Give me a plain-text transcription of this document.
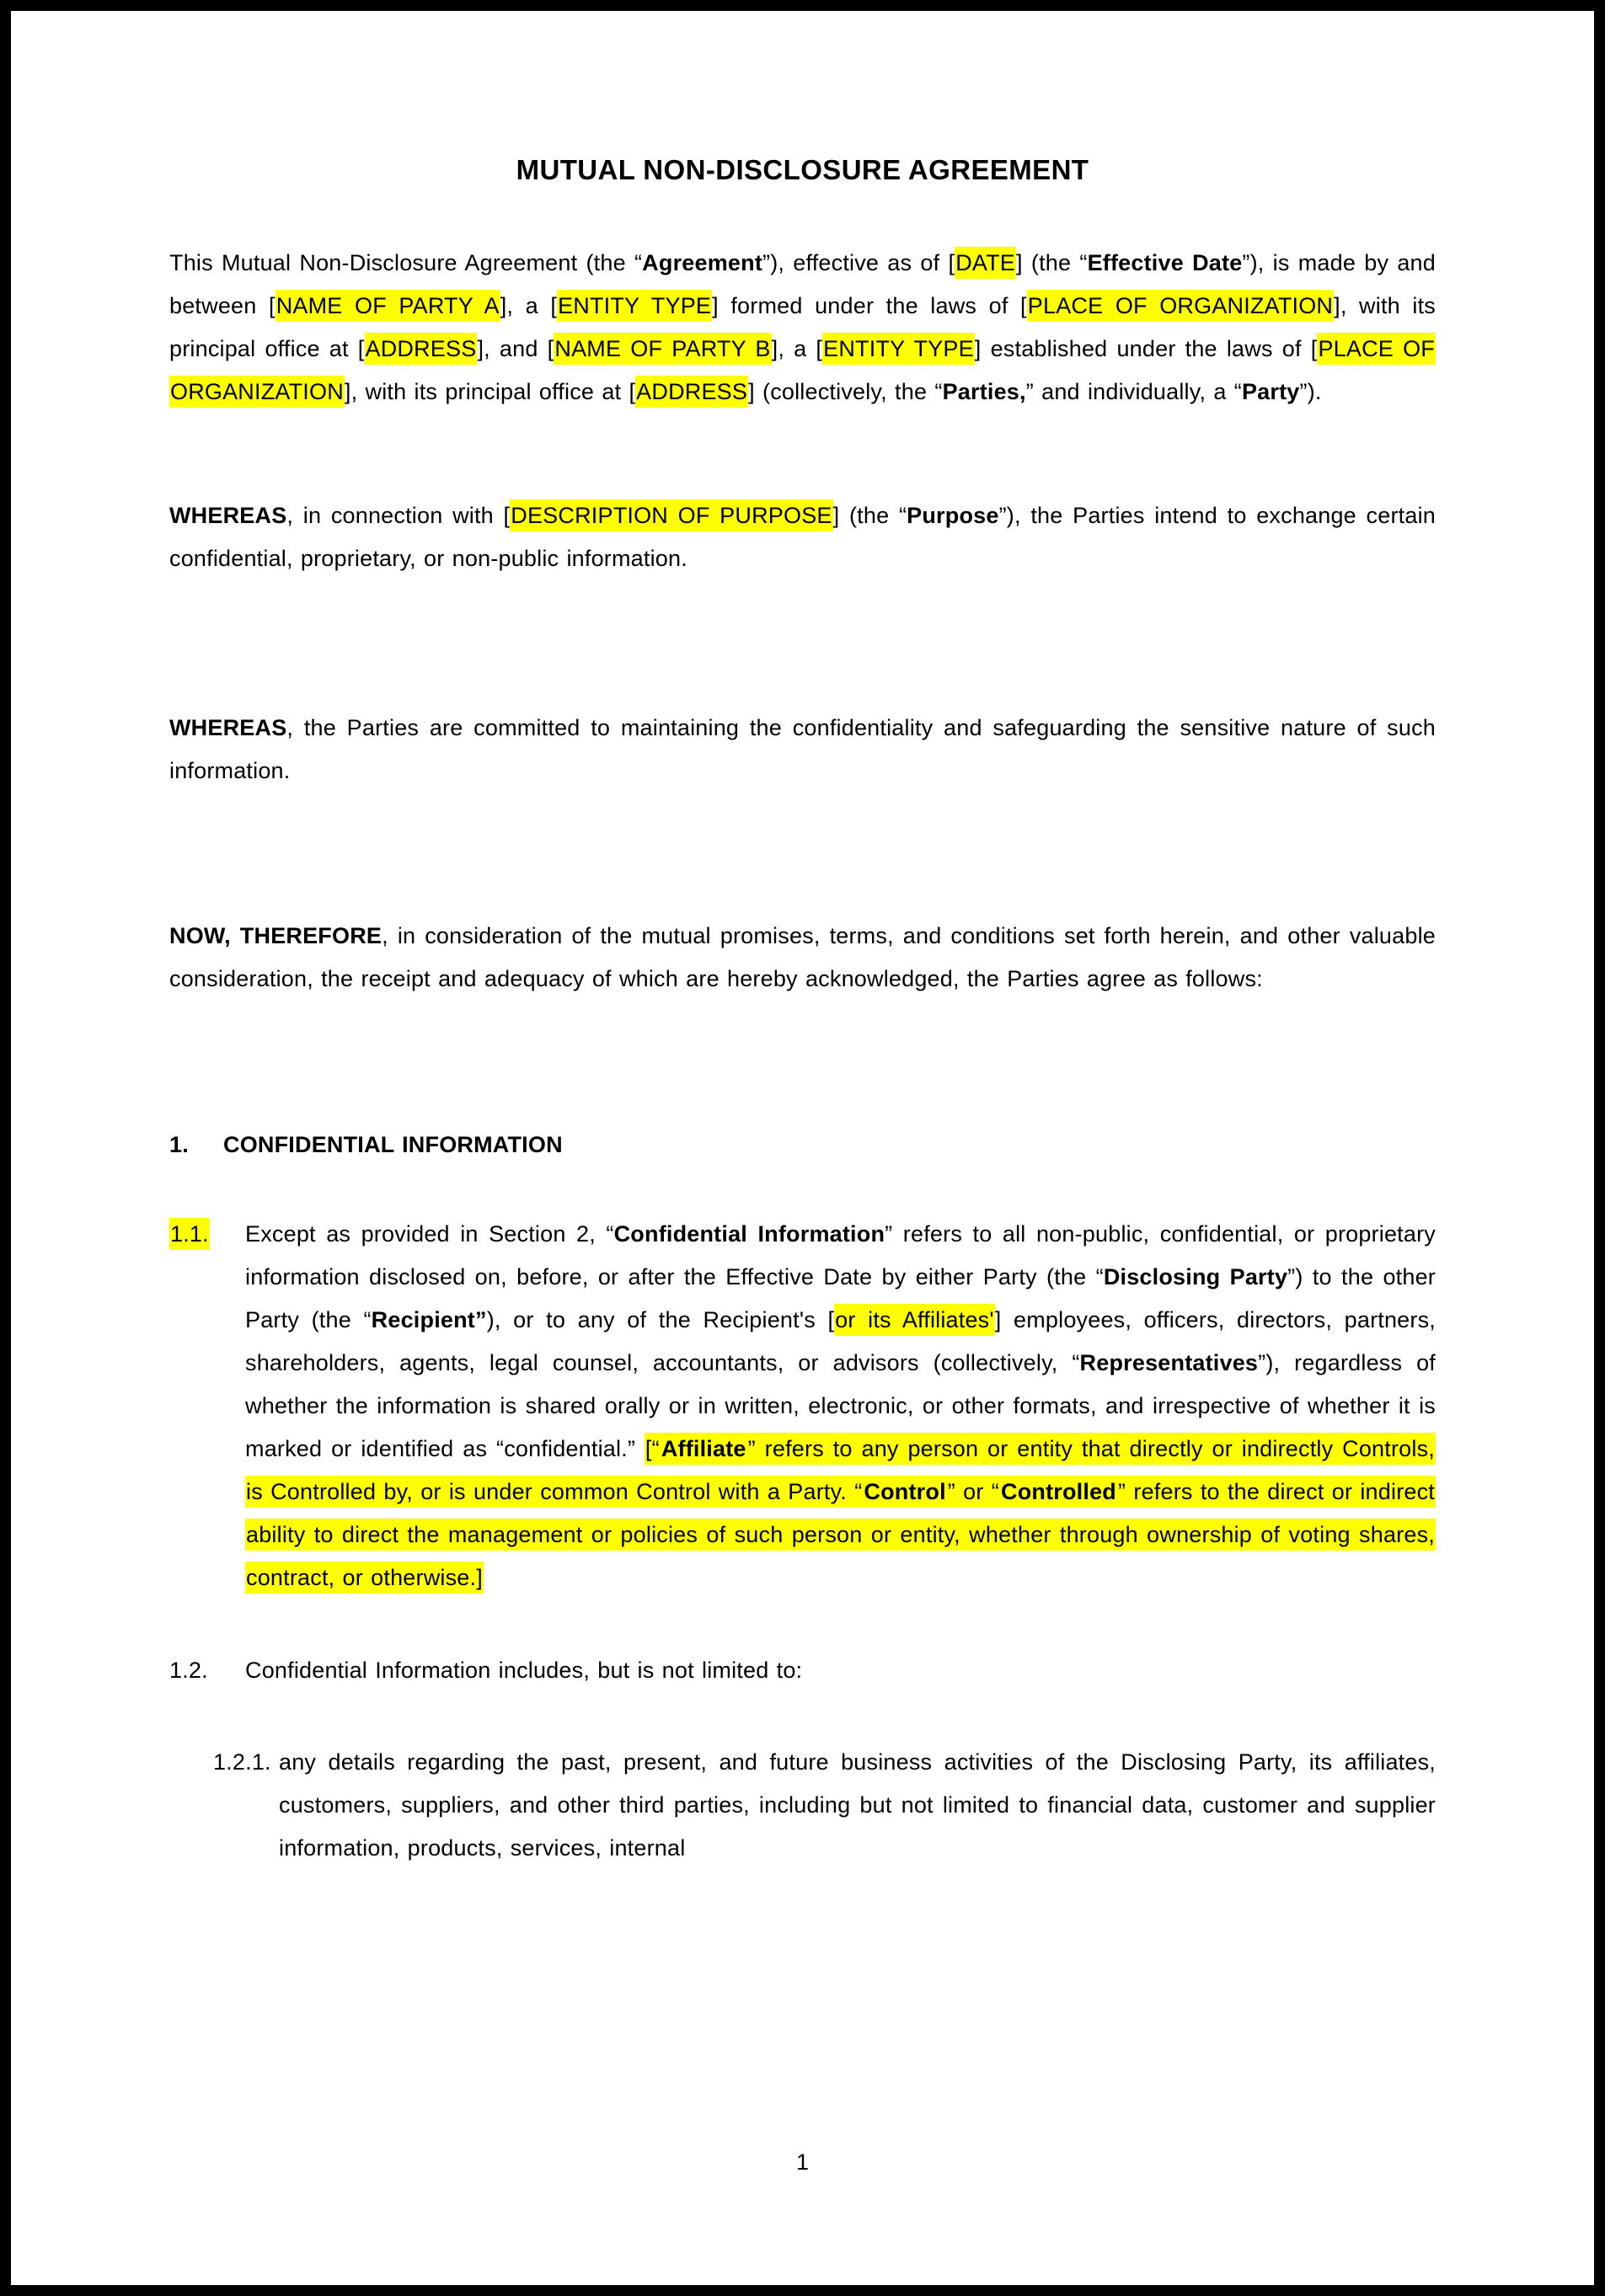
MUTUAL NON-DISCLOSURE AGREEMENT

This Mutual Non-Disclosure Agreement (the “Agreement”), effective as of [DATE] (the “Effective Date”), is made by and between [NAME OF PARTY A], a [ENTITY TYPE] formed under the laws of [PLACE OF ORGANIZATION], with its principal office at [ADDRESS], and [NAME OF PARTY B], a [ENTITY TYPE] established under the laws of [PLACE OF ORGANIZATION], with its principal office at [ADDRESS] (collectively, the “Parties,” and individually, a “Party”).

WHEREAS, in connection with [DESCRIPTION OF PURPOSE] (the “Purpose”), the Parties intend to exchange certain confidential, proprietary, or non-public information.

WHEREAS, the Parties are committed to maintaining the confidentiality and safeguarding the sensitive nature of such information.

NOW, THEREFORE, in consideration of the mutual promises, terms, and conditions set forth herein, and other valuable consideration, the receipt and adequacy of which are hereby acknowledged, the Parties agree as follows:

1.	CONFIDENTIAL INFORMATION
1.1.	Except as provided in Section 2, “Confidential Information” refers to all non-public, confidential, or proprietary information disclosed on, before, or after the Effective Date by either Party (the “Disclosing Party”) to the other Party (the “Recipient”), or to any of the Recipient's [or its Affiliates'] employees, officers, directors, partners, shareholders, agents, legal counsel, accountants, or advisors (collectively, “Representatives”), regardless of whether the information is shared orally or in written, electronic, or other formats, and irrespective of whether it is marked or identified as “confidential.” [“Affiliate” refers to any person or entity that directly or indirectly Controls, is Controlled by, or is under common Control with a Party. “Control” or “Controlled” refers to the direct or indirect ability to direct the management or policies of such person or entity, whether through ownership of voting shares, contract, or otherwise.]
1.2.	Confidential Information includes, but is not limited to:
1.2.1. any details regarding the past, present, and future business activities of the Disclosing Party, its affiliates, customers, suppliers, and other third parties, including but not limited to financial data, customer and supplier information, products, services, internal
1
